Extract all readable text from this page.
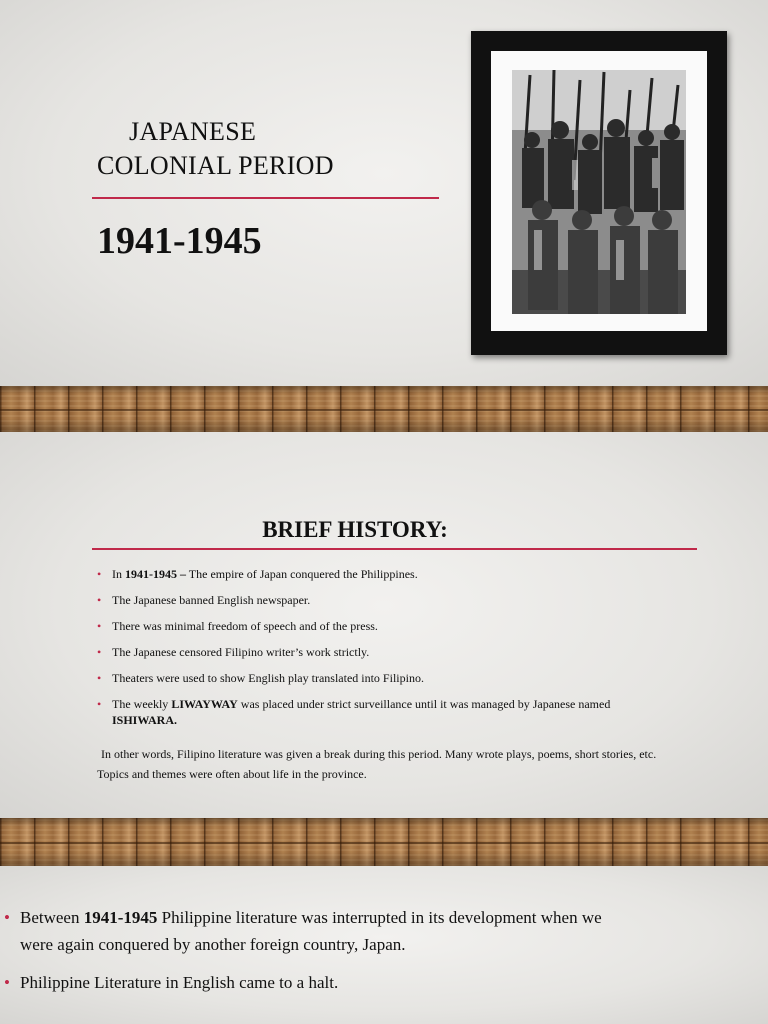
JAPANESE
COLONIAL PERIOD
1941-1945
BRIEF HISTORY:
• In 1941-1945 – The empire of Japan conquered the Philippines.
• The Japanese banned English newspaper.
• There was minimal freedom of speech and of the press.
• The Japanese censored Filipino writer’s work strictly.
• Theaters were used to show English play translated into Filipino.
• The weekly LIWAYWAY was placed under strict surveillance until it was managed by Japanese named
ISHIWARA.

In other words, Filipino literature was given a break during this period. Many wrote plays, poems, short stories, etc. Topics and themes were often about life in the province.

• Between 1941-1945 Philippine literature was interrupted in its development when we were again conquered by another foreign country, Japan.
• Philippine Literature in English came to a halt.
